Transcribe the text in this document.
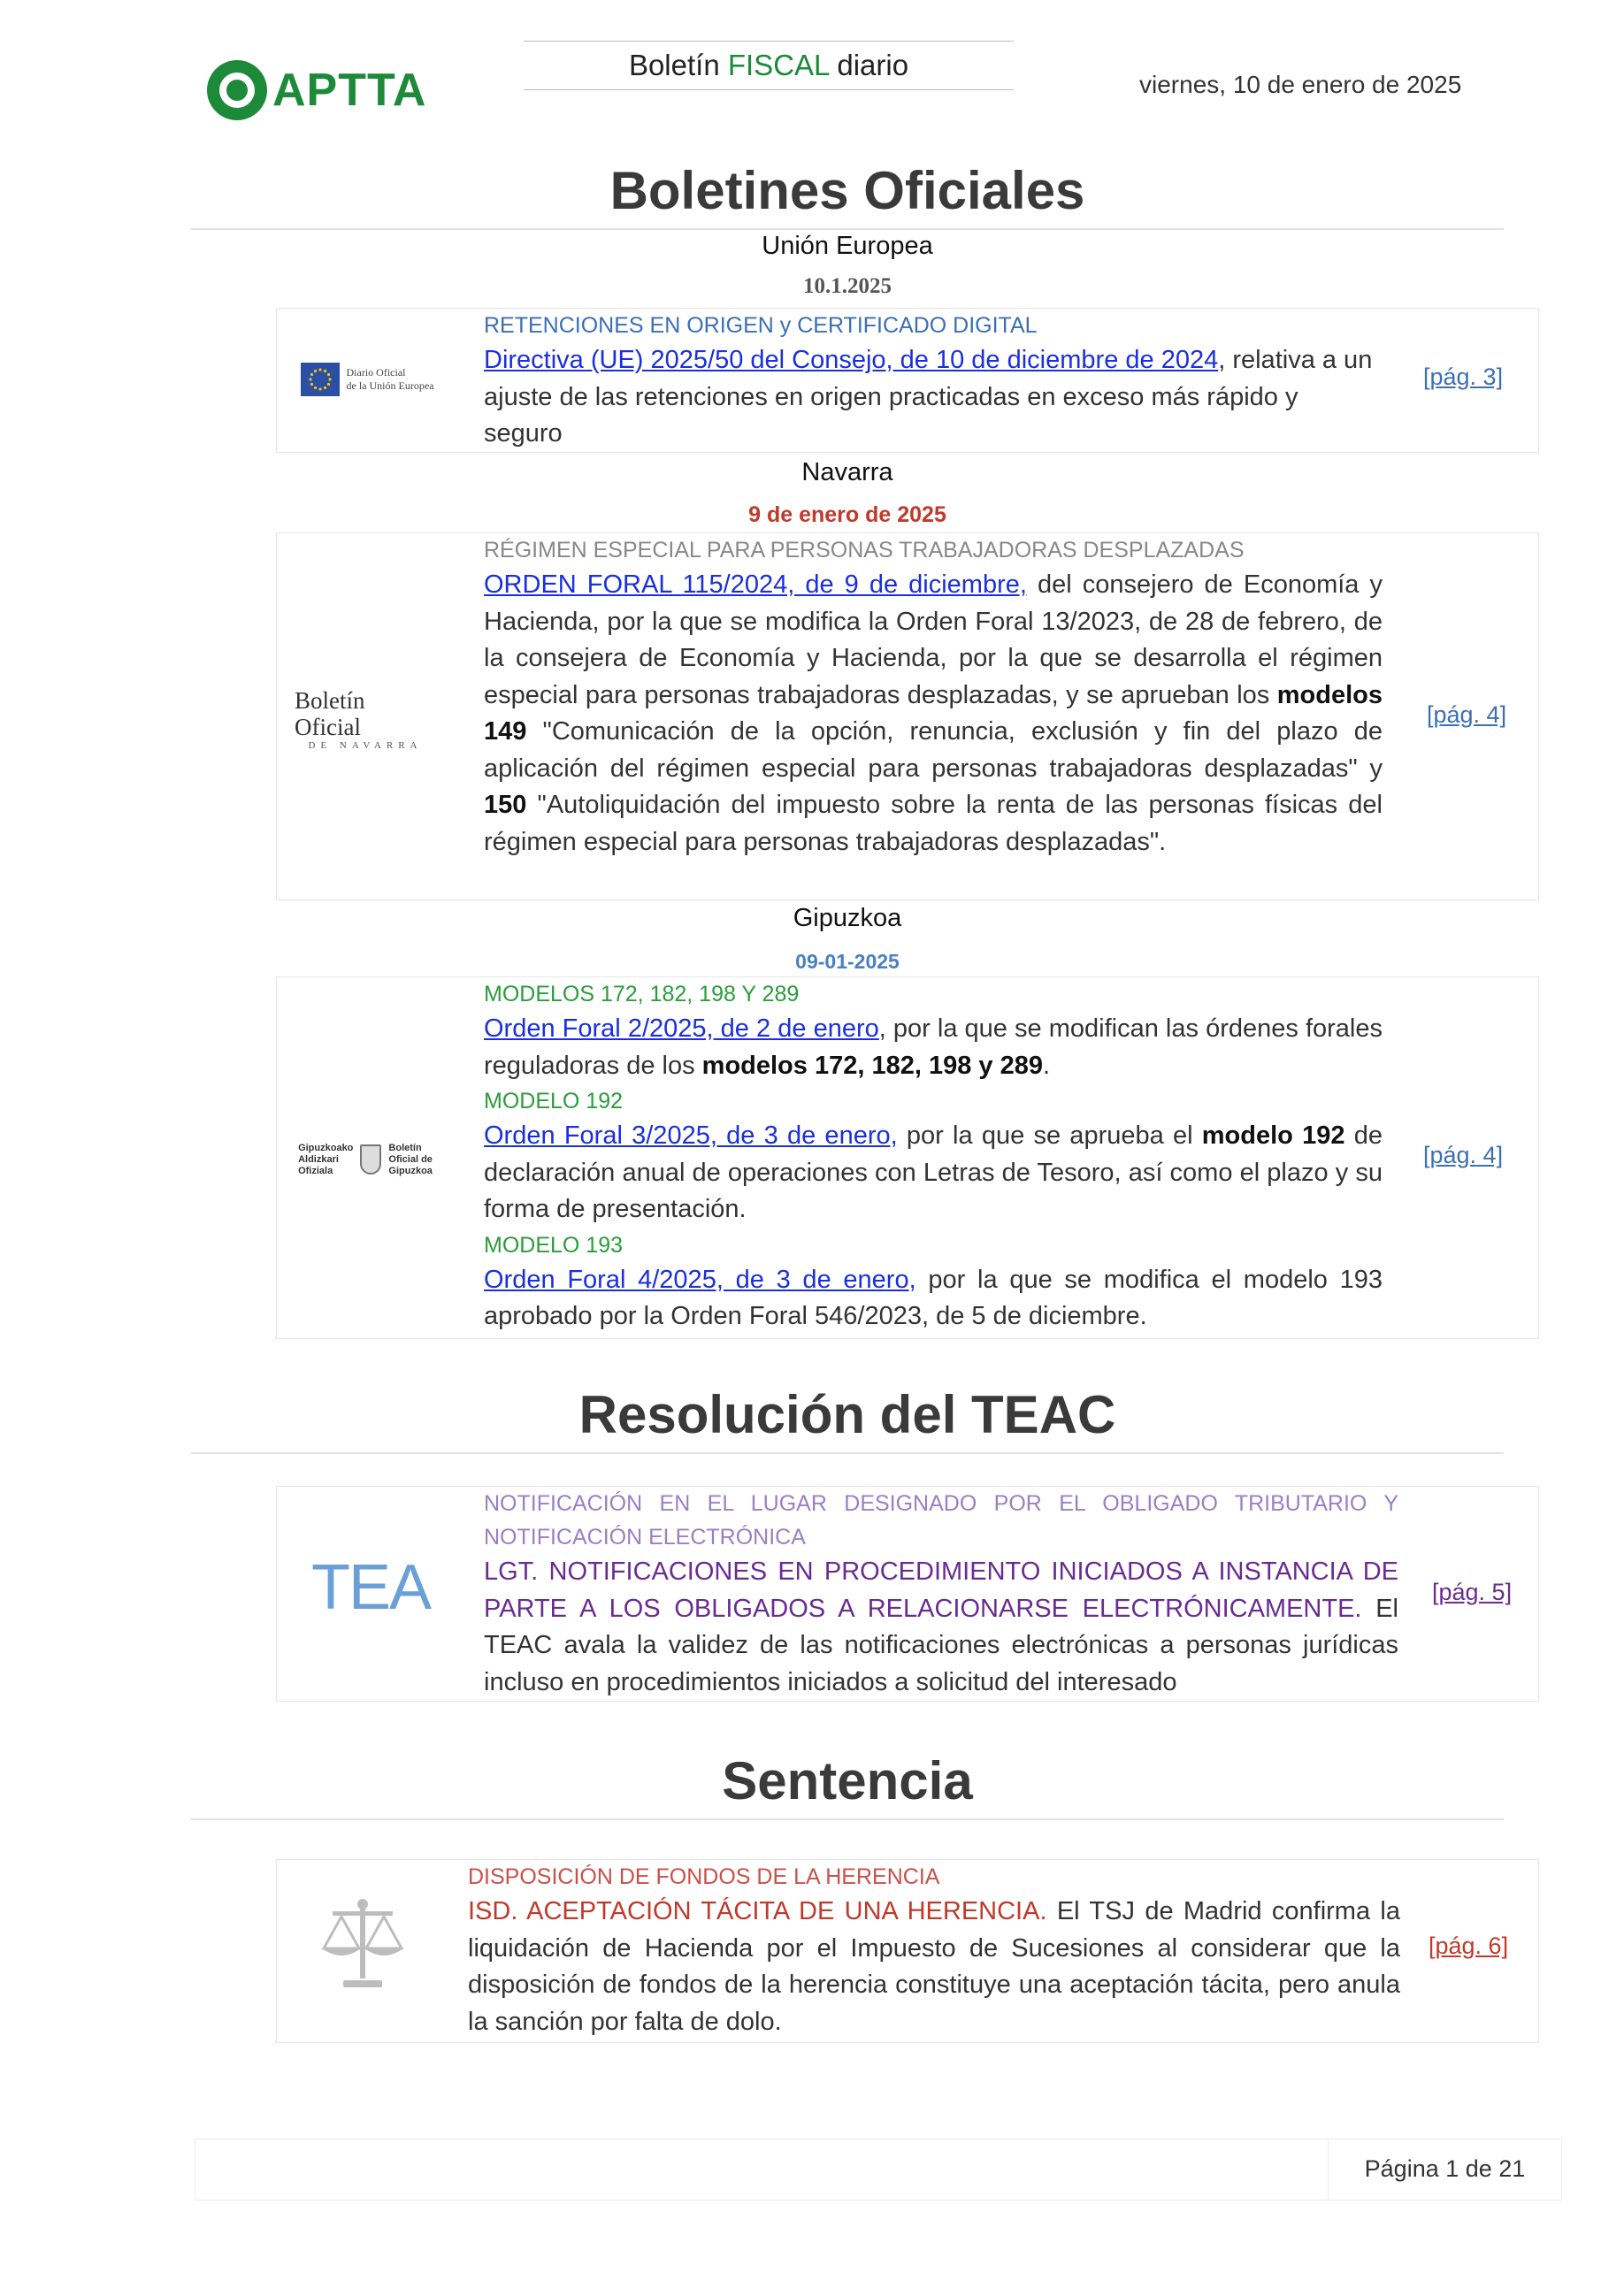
APTTA	Boletín FISCAL diario
viernes, 10 de enero de 2025
Boletines Oficiales
Unión Europea
10.1.2025
Diario Oficial
de la Unión Europea
RETENCIONES EN ORIGEN y CERTIFICADO DIGITAL
Directiva (UE) 2025/50 del Consejo, de 10 de diciembre de 2024, relativa a un ajuste de las retenciones en origen practicadas en exceso más rápido y seguro
[pág. 3]
Navarra
9 de enero de 2025
Boletín Oficial
DE NAVARRA
RÉGIMEN ESPECIAL PARA PERSONAS TRABAJADORAS DESPLAZADAS
ORDEN FORAL 115/2024, de 9 de diciembre, del consejero de Economía y Hacienda, por la que se modifica la Orden Foral 13/2023, de 28 de febrero, de la consejera de Economía y Hacienda, por la que se desarrolla el régimen especial para personas trabajadoras desplazadas, y se aprueban los modelos 149 "Comunicación de la opción, renuncia, exclusión y fin del plazo de aplicación del régimen especial para personas trabajadoras desplazadas" y 150 "Autoliquidación del impuesto sobre la renta de las personas físicas del régimen especial para personas trabajadoras desplazadas".
[pág. 4]
Gipuzkoa
09-01-2025
Gipuzkoako
Aldizkari
Ofiziala
Boletín
Oficial de
Gipuzkoa
MODELOS 172, 182, 198 Y 289
Orden Foral 2/2025, de 2 de enero, por la que se modifican las órdenes forales reguladoras de los modelos 172, 182, 198 y 289.
MODELO 192
Orden Foral 3/2025, de 3 de enero, por la que se aprueba el modelo 192 de declaración anual de operaciones con Letras de Tesoro, así como el plazo y su forma de presentación.
MODELO 193
Orden Foral 4/2025, de 3 de enero, por la que se modifica el modelo 193 aprobado por la Orden Foral 546/2023, de 5 de diciembre.
[pág. 4]
Resolución del TEAC
TEA
NOTIFICACIÓN EN EL LUGAR DESIGNADO POR EL OBLIGADO TRIBUTARIO Y NOTIFICACIÓN ELECTRÓNICA
LGT. NOTIFICACIONES EN PROCEDIMIENTO INICIADOS A INSTANCIA DE PARTE A LOS OBLIGADOS A RELACIONARSE ELECTRÓNICAMENTE. El TEAC avala la validez de las notificaciones electrónicas a personas jurídicas incluso en procedimientos iniciados a solicitud del interesado
[pág. 5]
Sentencia
DISPOSICIÓN DE FONDOS DE LA HERENCIA
ISD. ACEPTACIÓN TÁCITA DE UNA HERENCIA. El TSJ de Madrid confirma la liquidación de Hacienda por el Impuesto de Sucesiones al considerar que la disposición de fondos de la herencia constituye una aceptación tácita, pero anula la sanción por falta de dolo.
[pág. 6]
Página 1 de 21
